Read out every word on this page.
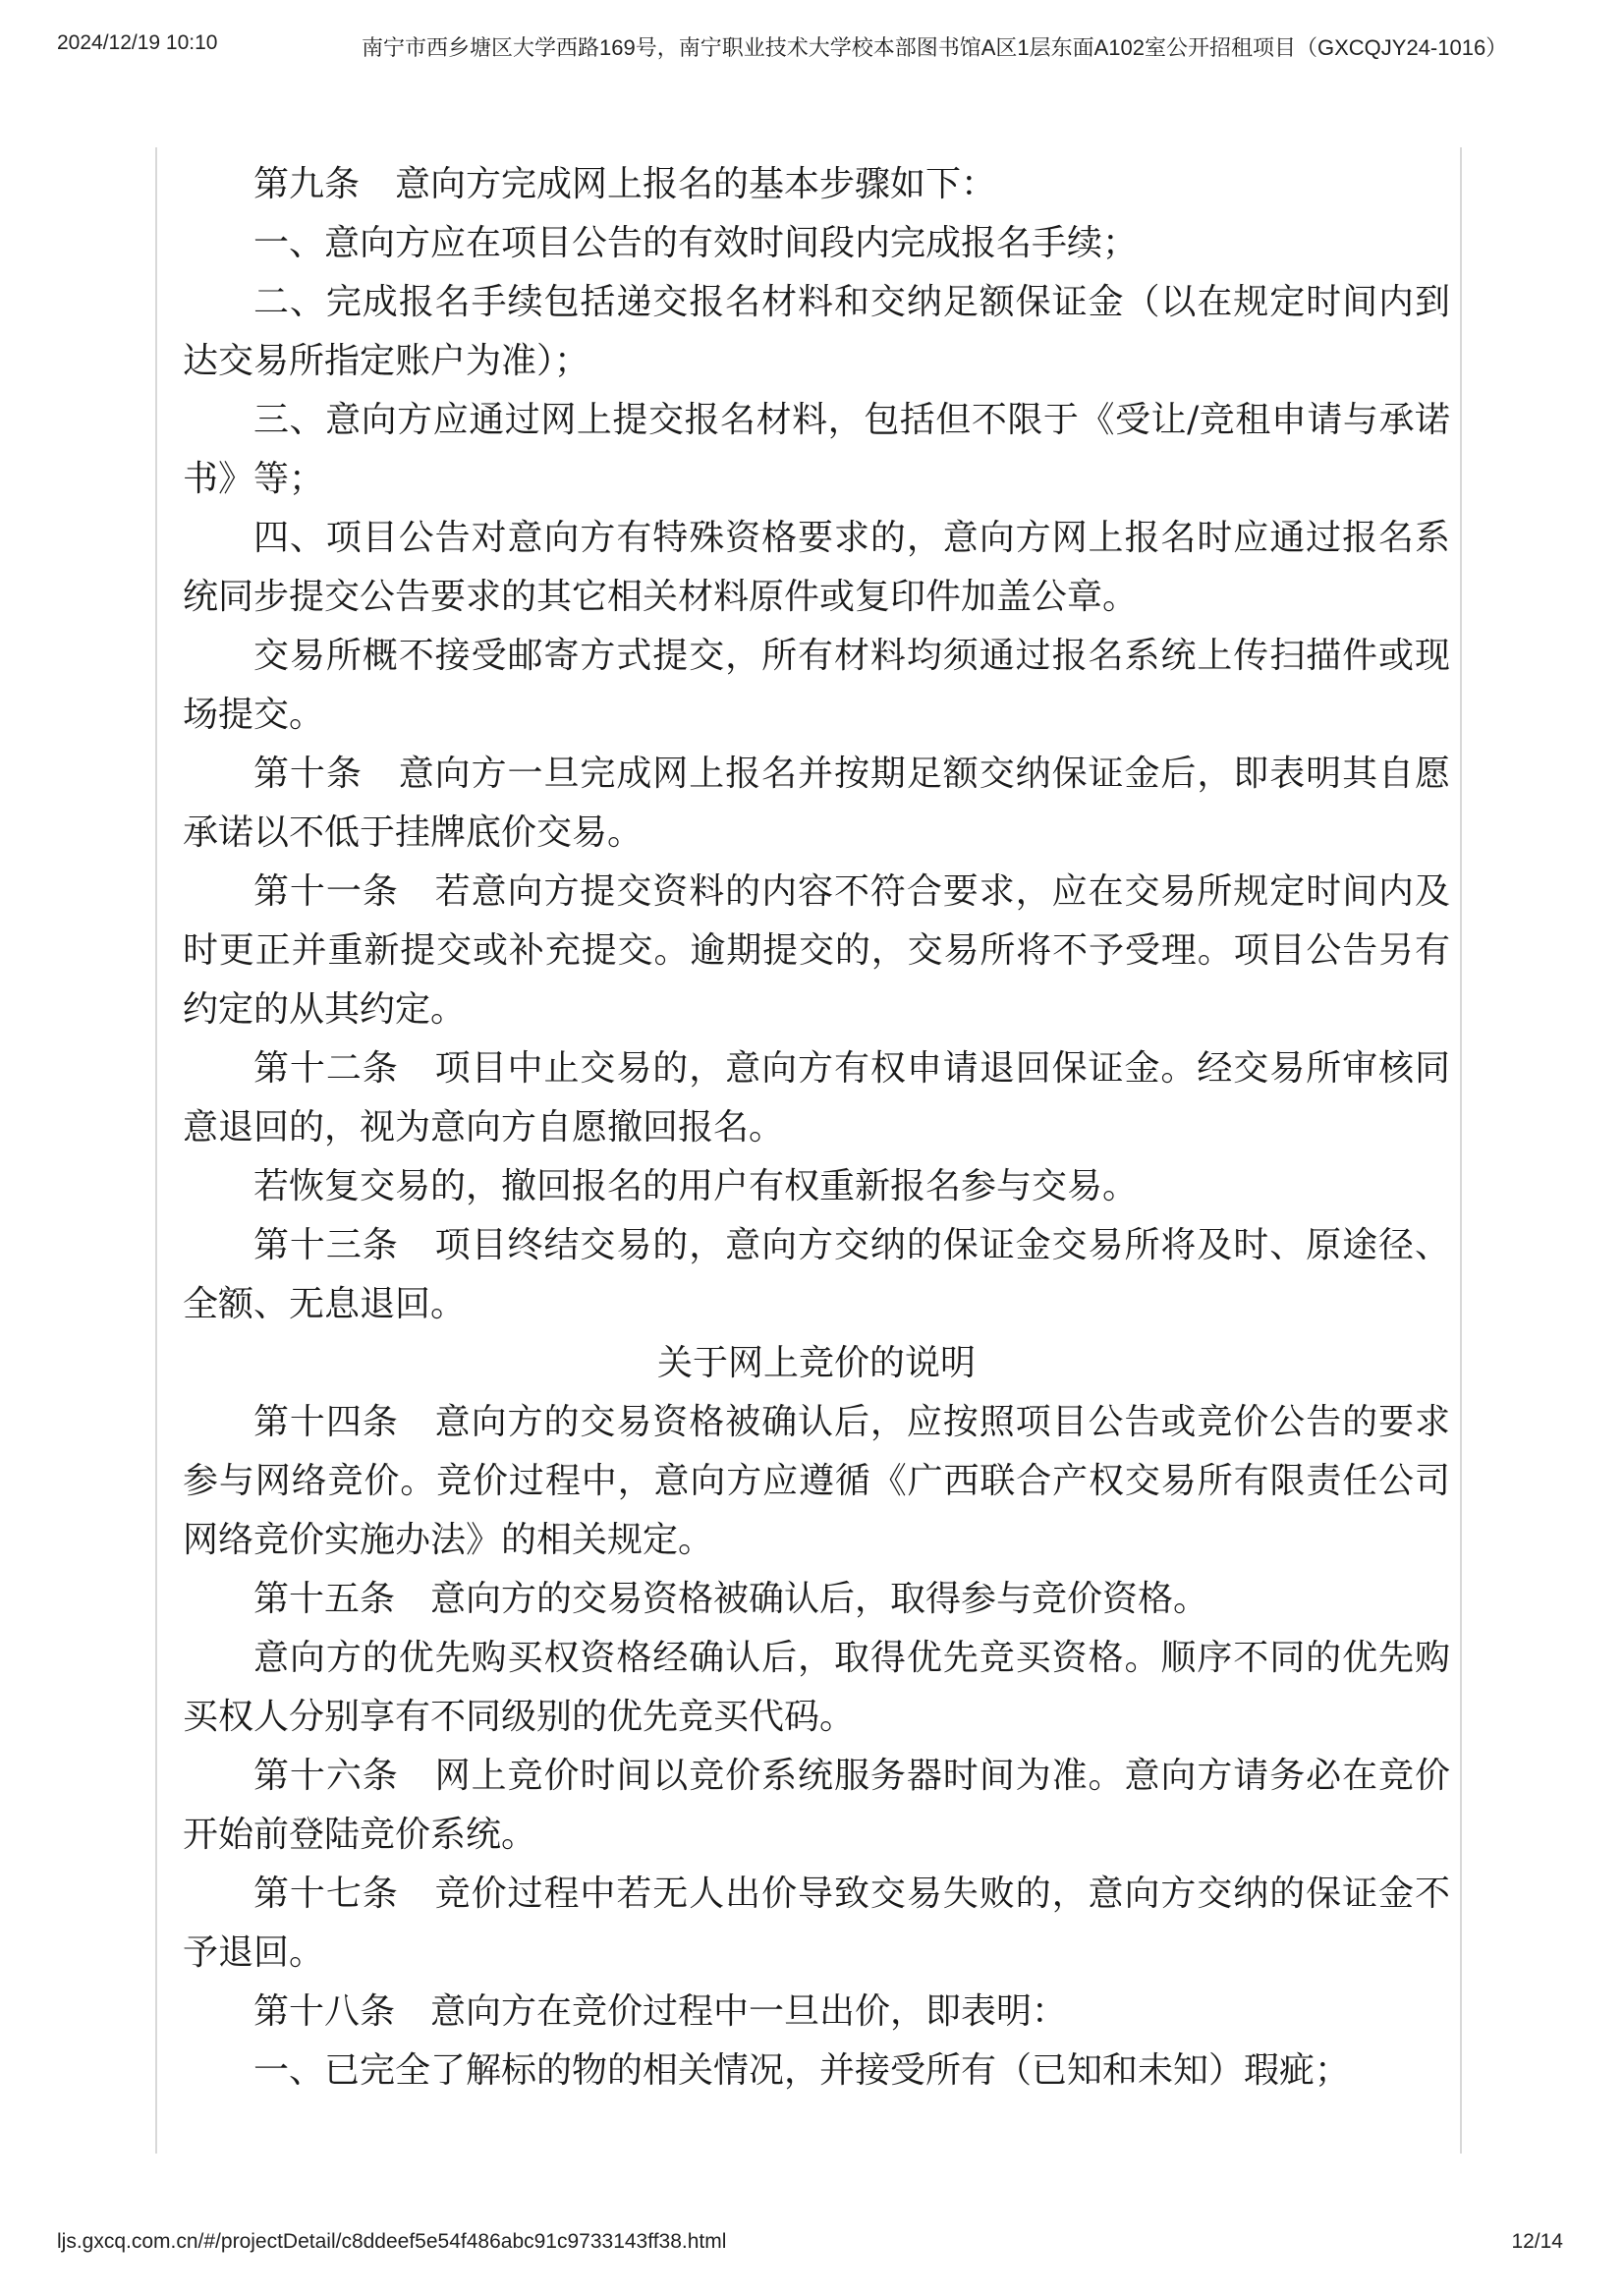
2024/12/19 10:10	南宁市西乡塘区大学西路169号，南宁职业技术大学校本部图书馆A区1层东面A102室公开招租项目（GXCQJY24-1016）

第九条　意向方完成网上报名的基本步骤如下：

一、意向方应在项目公告的有效时间段内完成报名手续；

二、完成报名手续包括递交报名材料和交纳足额保证金（以在规定时间内到达交易所指定账户为准）；

三、意向方应通过网上提交报名材料，包括但不限于《受让/竞租申请与承诺书》等；

四、项目公告对意向方有特殊资格要求的，意向方网上报名时应通过报名系统同步提交公告要求的其它相关材料原件或复印件加盖公章。

交易所概不接受邮寄方式提交，所有材料均须通过报名系统上传扫描件或现场提交。

第十条　意向方一旦完成网上报名并按期足额交纳保证金后，即表明其自愿承诺以不低于挂牌底价交易。

第十一条　若意向方提交资料的内容不符合要求，应在交易所规定时间内及时更正并重新提交或补充提交。逾期提交的，交易所将不予受理。项目公告另有约定的从其约定。

第十二条　项目中止交易的，意向方有权申请退回保证金。经交易所审核同意退回的，视为意向方自愿撤回报名。

若恢复交易的，撤回报名的用户有权重新报名参与交易。

第十三条　项目终结交易的，意向方交纳的保证金交易所将及时、原途径、全额、无息退回。

关于网上竞价的说明

第十四条　意向方的交易资格被确认后，应按照项目公告或竞价公告的要求参与网络竞价。竞价过程中，意向方应遵循《广西联合产权交易所有限责任公司网络竞价实施办法》的相关规定。

第十五条　意向方的交易资格被确认后，取得参与竞价资格。

意向方的优先购买权资格经确认后，取得优先竞买资格。顺序不同的优先购买权人分别享有不同级别的优先竞买代码。

第十六条　网上竞价时间以竞价系统服务器时间为准。意向方请务必在竞价开始前登陆竞价系统。

第十七条　竞价过程中若无人出价导致交易失败的，意向方交纳的保证金不予退回。

第十八条　意向方在竞价过程中一旦出价，即表明：

一、已完全了解标的物的相关情况，并接受所有（已知和未知）瑕疵；

ljs.gxcq.com.cn/#/projectDetail/c8ddeef5e54f486abc91c9733143ff38.html	12/14
